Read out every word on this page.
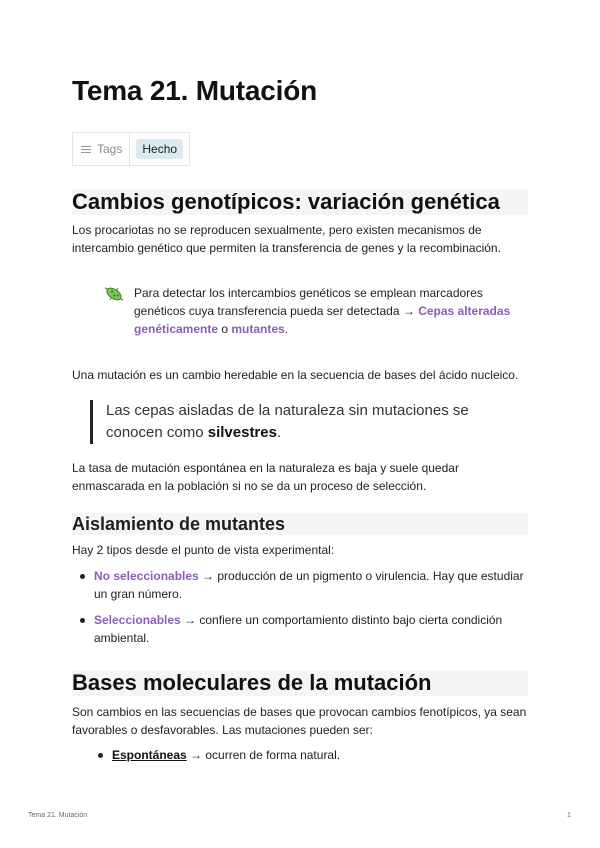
Tema 21. Mutación
Tags	Hecho
Cambios genotípicos: variación genética

Los procariotas no se reproducen sexualmente, pero existen mecanismos de intercambio genético que permiten la transferencia de genes y la recombinación.

Para detectar los intercambios genéticos se emplean marcadores genéticos cuya transferencia pueda ser detectada → Cepas alteradas genéticamente o mutantes.

Una mutación es un cambio heredable en la secuencia de bases del ácido nucleico.

Las cepas aisladas de la naturaleza sin mutaciones se conocen como silvestres.

La tasa de mutación espontánea en la naturaleza es baja y suele quedar enmascarada en la población si no se da un proceso de selección.

Aislamiento de mutantes

Hay 2 tipos desde el punto de vista experimental:

No seleccionables → producción de un pigmento o virulencia. Hay que estudiar un gran número.
Seleccionables → confiere un comportamiento distinto bajo cierta condición ambiental.
Bases moleculares de la mutación

Son cambios en las secuencias de bases que provocan cambios fenotípicos, ya sean favorables o desfavorables. Las mutaciones pueden ser:

Espontáneas → ocurren de forma natural.
Tema 21. Mutación	1
